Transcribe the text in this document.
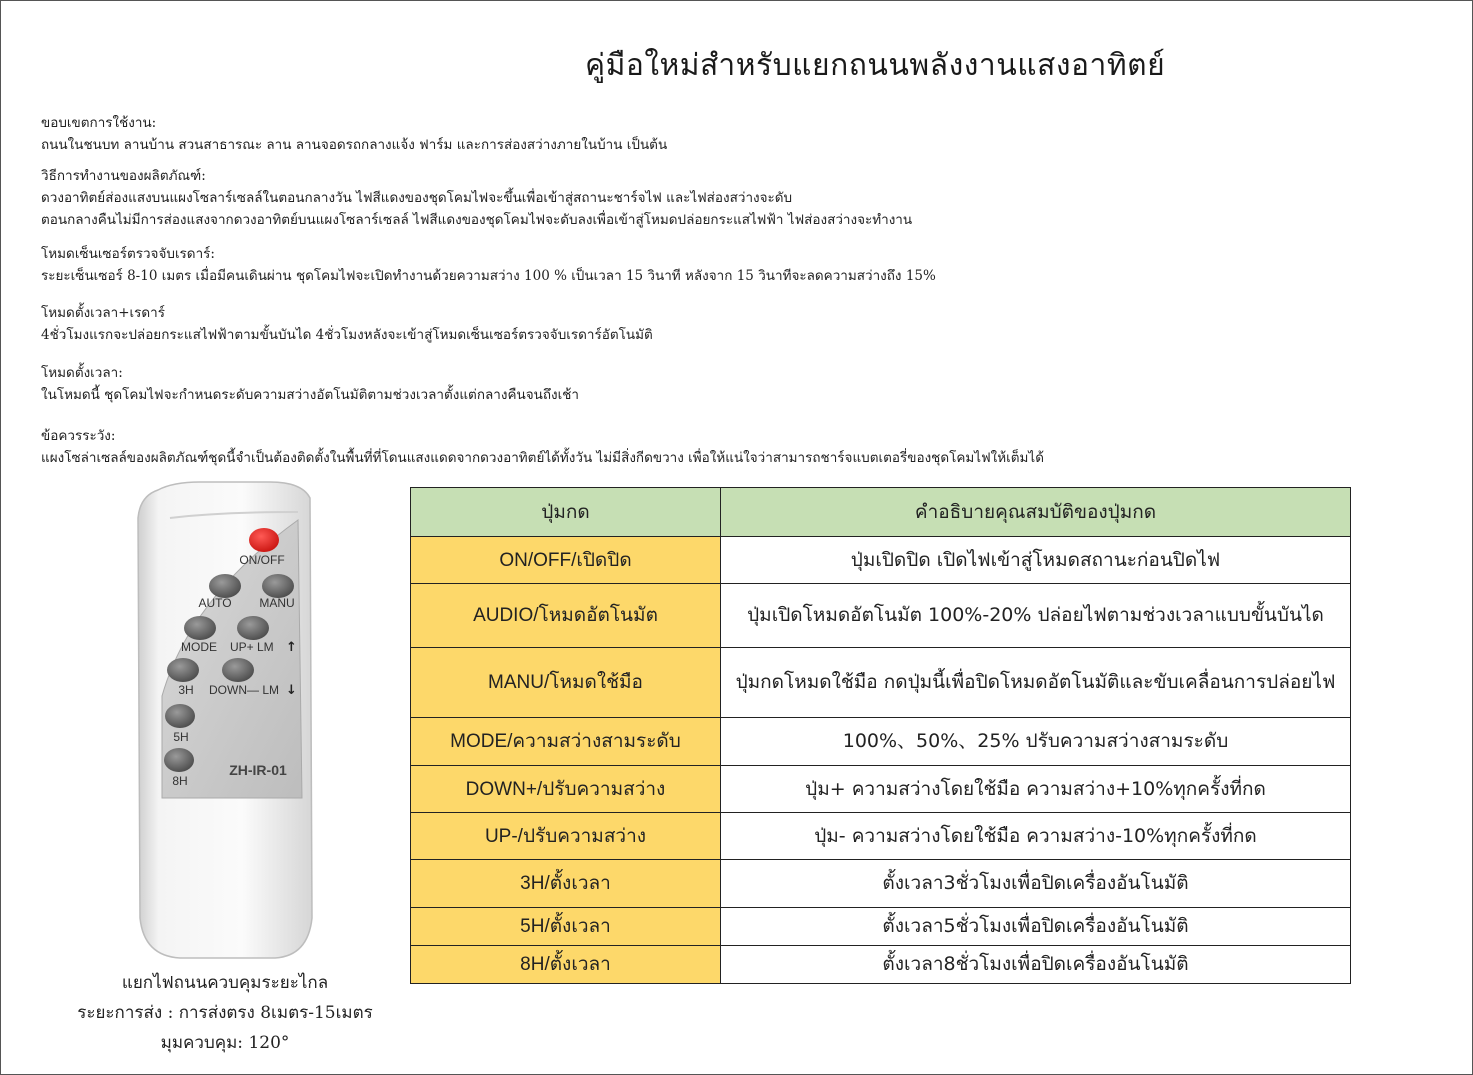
คู่มือใหม่สำหรับแยกถนนพลังงานแสงอาทิตย์
ขอบเขตการใช้งาน:
ถนนในชนบท ลานบ้าน สวนสาธารณะ ลาน ลานจอดรถกลางแจ้ง ฟาร์ม และการส่องสว่างภายในบ้าน เป็นต้น
วิธีการทำงานของผลิตภัณฑ์:
ดวงอาทิตย์ส่องแสงบนแผงโซลาร์เซลล์ในตอนกลางวัน ไฟสีแดงของชุดโคมไฟจะขึ้นเพื่อเข้าสู่สถานะชาร์จไฟ และไฟส่องสว่างจะดับ
ตอนกลางคืนไม่มีการส่องแสงจากดวงอาทิตย์บนแผงโซลาร์เซลล์ ไฟสีแดงของชุดโคมไฟจะดับลงเพื่อเข้าสู่โหมดปล่อยกระแสไฟฟ้า ไฟส่องสว่างจะทำงาน
โหมดเซ็นเซอร์ตรวจจับเรดาร์:
ระยะเซ็นเซอร์ 8-10 เมตร เมื่อมีคนเดินผ่าน ชุดโคมไฟจะเปิดทำงานด้วยความสว่าง 100 % เป็นเวลา 15 วินาที หลังจาก 15 วินาทีจะลดความสว่างถึง 15%
โหมดตั้งเวลา+เรดาร์
4ชั่วโมงแรกจะปล่อยกระแสไฟฟ้าตามขั้นบันได 4ชั่วโมงหลังจะเข้าสู่โหมดเซ็นเซอร์ตรวจจับเรดาร์อัตโนมัติ
โหมดตั้งเวลา:
ในโหมดนี้ ชุดโคมไฟจะกำหนดระดับความสว่างอัตโนมัติตามช่วงเวลาตั้งแต่กลางคืนจนถึงเช้า
ข้อควรระวัง:
แผงโซล่าเซลล์ของผลิตภัณฑ์ชุดนี้จำเป็นต้องติดตั้งในพื้นที่ที่โดนแสงแดดจากดวงอาทิตย์ได้ทั้งวัน ไม่มีสิ่งกีดขวาง เพื่อให้แน่ใจว่าสามารถชาร์จแบตเตอรี่ของชุดโคมไฟให้เต็มได้
ON/OFF
AUTO MANU
MODE UP+ LM ↑
3H DOWN— LM ↓
5H
8H
ZH-IR-01
แยกไฟถนนควบคุมระยะไกล
ระยะการส่ง : การส่งตรง 8เมตร-15เมตร
มุมควบคุม: 120°
ปุ่มกด	คำอธิบายคุณสมบัติของปุ่มกด
ON/OFF/เปิดปิด	ปุ่มเปิดปิด เปิดไฟเข้าสู่โหมดสถานะก่อนปิดไฟ
AUDIO/โหมดอัตโนมัต	ปุ่มเปิดโหมดอัตโนมัต 100%-20% ปล่อยไฟตามช่วงเวลาแบบขั้นบันได
MANU/โหมดใช้มือ	ปุ่มกดโหมดใช้มือ กดปุ่มนี้เพื่อปิดโหมดอัตโนมัติและขับเคลื่อนการปล่อยไฟ
MODE/ความสว่างสามระดับ	100%、50%、25% ปรับความสว่างสามระดับ
DOWN+/ปรับความสว่าง	ปุ่ม+ ความสว่างโดยใช้มือ ความสว่าง+10%ทุกครั้งที่กด
UP-/ปรับความสว่าง	ปุ่ม- ความสว่างโดยใช้มือ ความสว่าง-10%ทุกครั้งที่กด
3H/ตั้งเวลา	ตั้งเวลา3ชั่วโมงเพื่อปิดเครื่องอันโนมัติ
5H/ตั้งเวลา	ตั้งเวลา5ชั่วโมงเพื่อปิดเครื่องอันโนมัติ
8H/ตั้งเวลา	ตั้งเวลา8ชั่วโมงเพื่อปิดเครื่องอันโนมัติ
